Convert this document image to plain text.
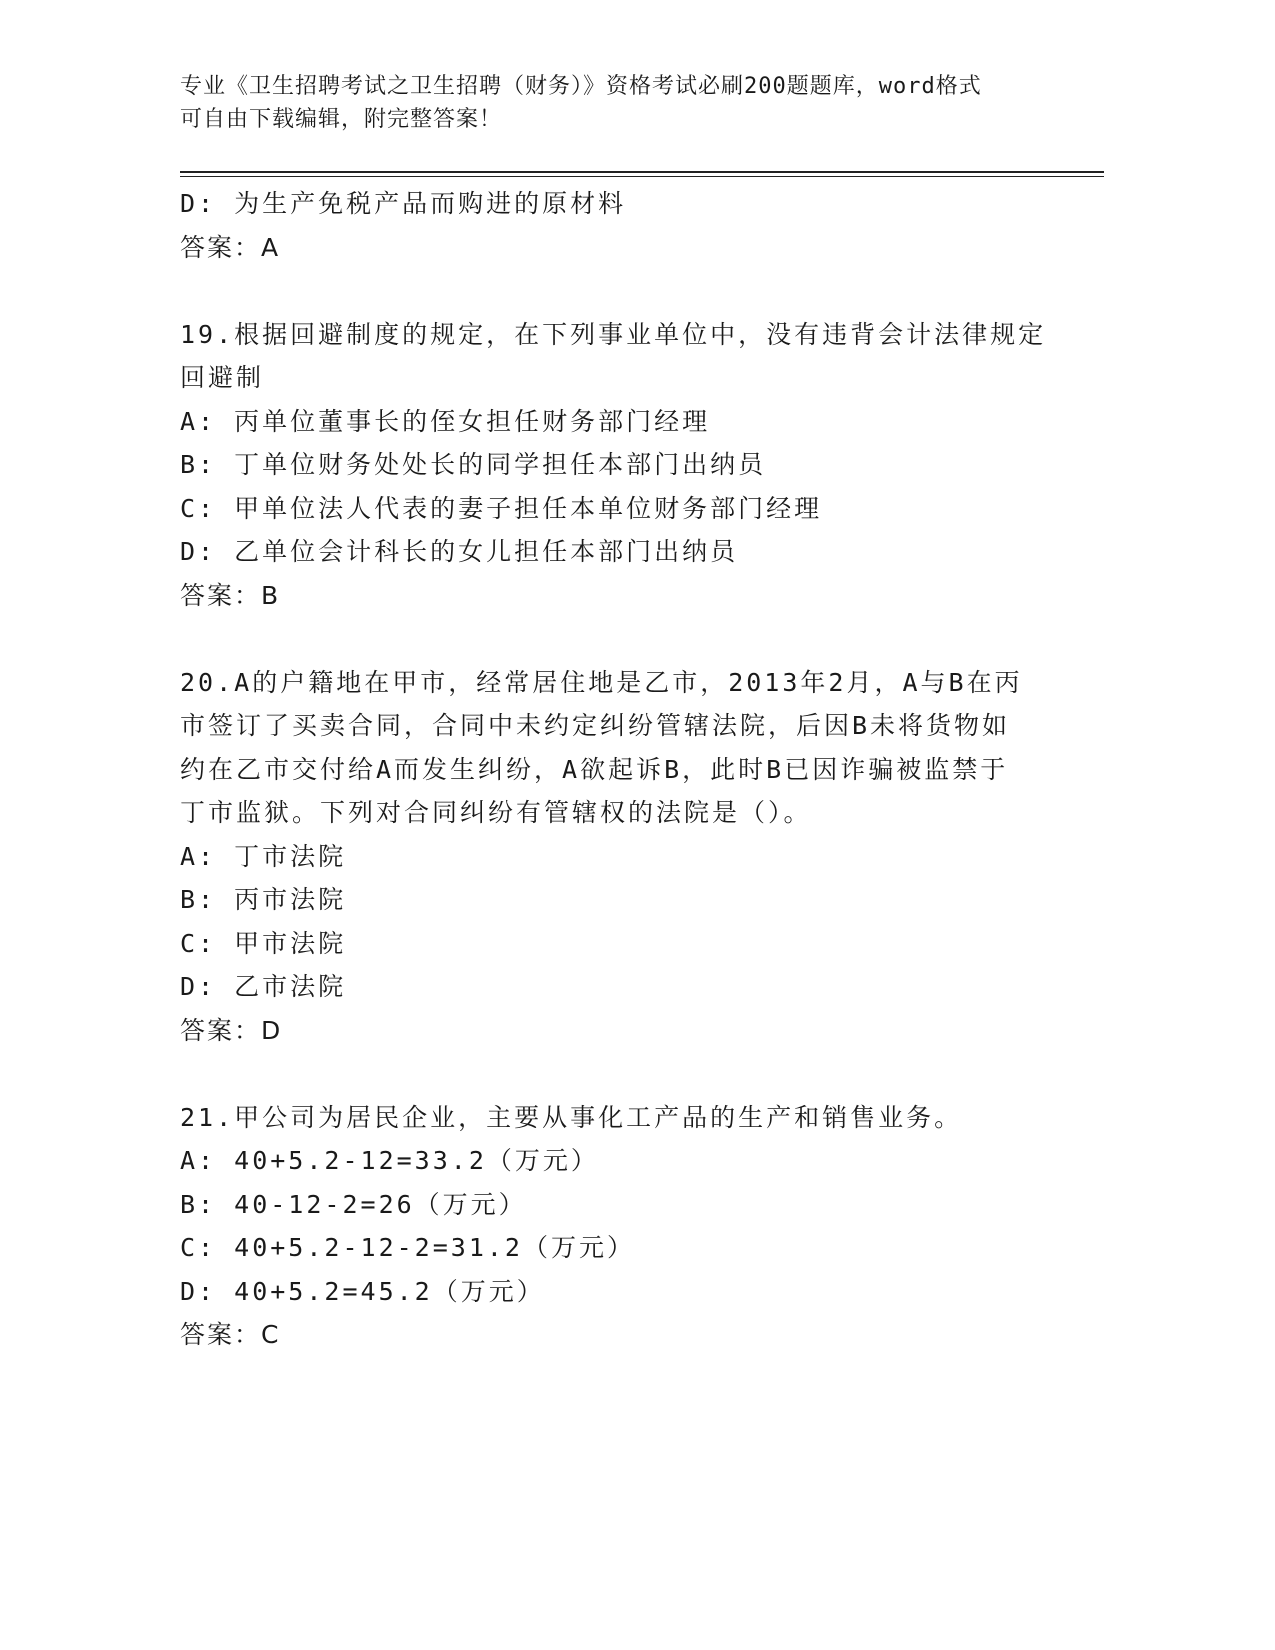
专业《卫生招聘考试之卫生招聘（财务）》资格考试必刷200题题库，word格式
可自由下载编辑，附完整答案！
D: 为生产免税产品而购进的原材料
答案：A
19.根据回避制度的规定，在下列事业单位中，没有违背会计法律规定
回避制
A: 丙单位董事长的侄女担任财务部门经理
B: 丁单位财务处处长的同学担任本部门出纳员
C: 甲单位法人代表的妻子担任本单位财务部门经理
D: 乙单位会计科长的女儿担任本部门出纳员
答案：B
20.A的户籍地在甲市，经常居住地是乙市，2013年2月，A与B在丙
市签订了买卖合同，合同中未约定纠纷管辖法院，后因B未将货物如
约在乙市交付给A而发生纠纷，A欲起诉B，此时B已因诈骗被监禁于
丁市监狱。下列对合同纠纷有管辖权的法院是（）。
A: 丁市法院
B: 丙市法院
C: 甲市法院
D: 乙市法院
答案：D
21.甲公司为居民企业，主要从事化工产品的生产和销售业务。
A: 40+5.2-12=33.2（万元）
B: 40-12-2=26（万元）
C: 40+5.2-12-2=31.2（万元）
D: 40+5.2=45.2（万元）
答案：C
